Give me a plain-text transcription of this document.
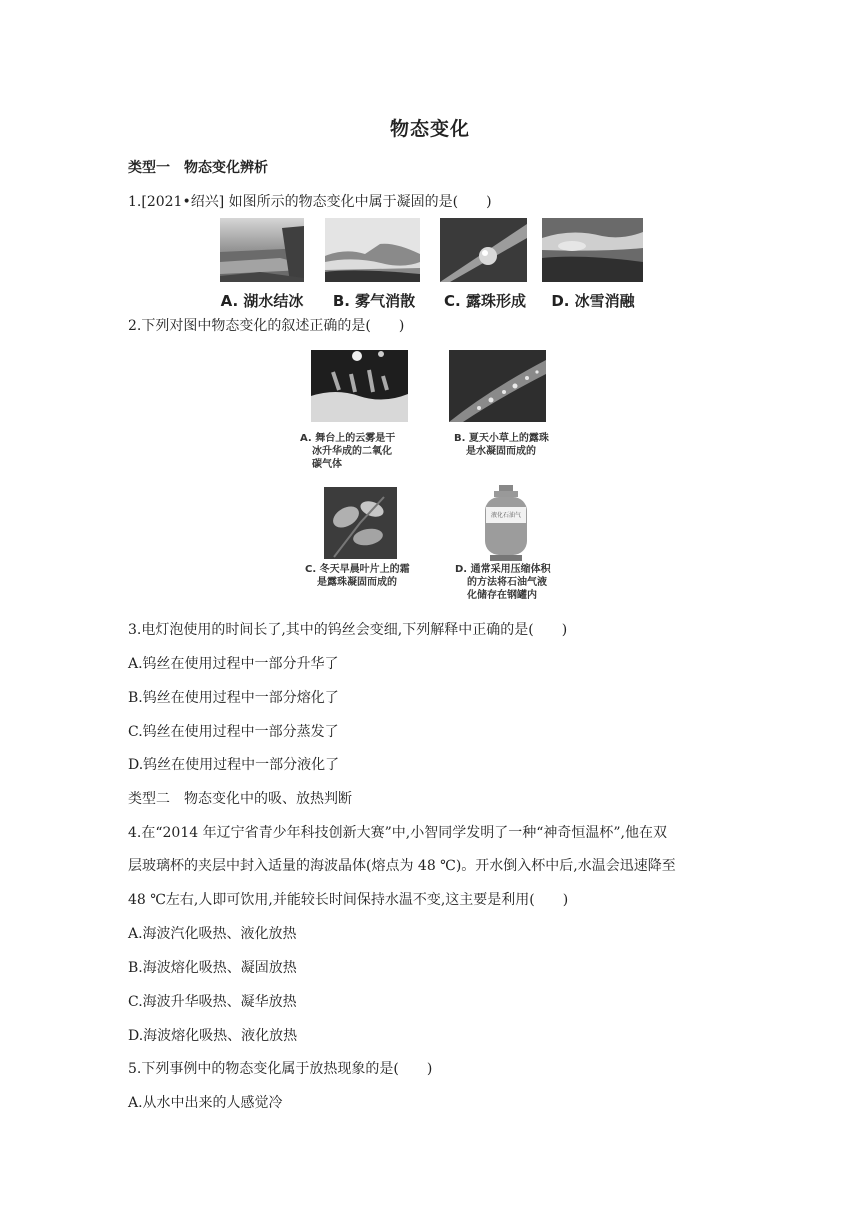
物态变化
类型一　物态变化辨析
1.[2021•绍兴] 如图所示的物态变化中属于凝固的是(　　)
A. 湖水结冰 B. 雾气消散 C. 露珠形成	D. 冰雪消融
2.下列对图中物态变化的叙述正确的是(　　)
A. 舞台上的云雾是干
冰升华成的二氧化
碳气体
B. 夏天小草上的露珠
是水凝固而成的
液化石油气
C. 冬天早晨叶片上的霜
是露珠凝固而成的
D. 通常采用压缩体积
的方法将石油气液
化储存在钢罐内
3.电灯泡使用的时间长了,其中的钨丝会变细,下列解释中正确的是(　　)
A.钨丝在使用过程中一部分升华了
B.钨丝在使用过程中一部分熔化了
C.钨丝在使用过程中一部分蒸发了
D.钨丝在使用过程中一部分液化了
类型二　物态变化中的吸、放热判断
4.在“2014 年辽宁省青少年科技创新大赛”中,小智同学发明了一种“神奇恒温杯”,他在双
层玻璃杯的夹层中封入适量的海波晶体(熔点为 48 ℃)。开水倒入杯中后,水温会迅速降至
48 ℃左右,人即可饮用,并能较长时间保持水温不变,这主要是利用(　　)
A.海波汽化吸热、液化放热
B.海波熔化吸热、凝固放热
C.海波升华吸热、凝华放热
D.海波熔化吸热、液化放热
5.下列事例中的物态变化属于放热现象的是(　　)
A.从水中出来的人感觉冷
